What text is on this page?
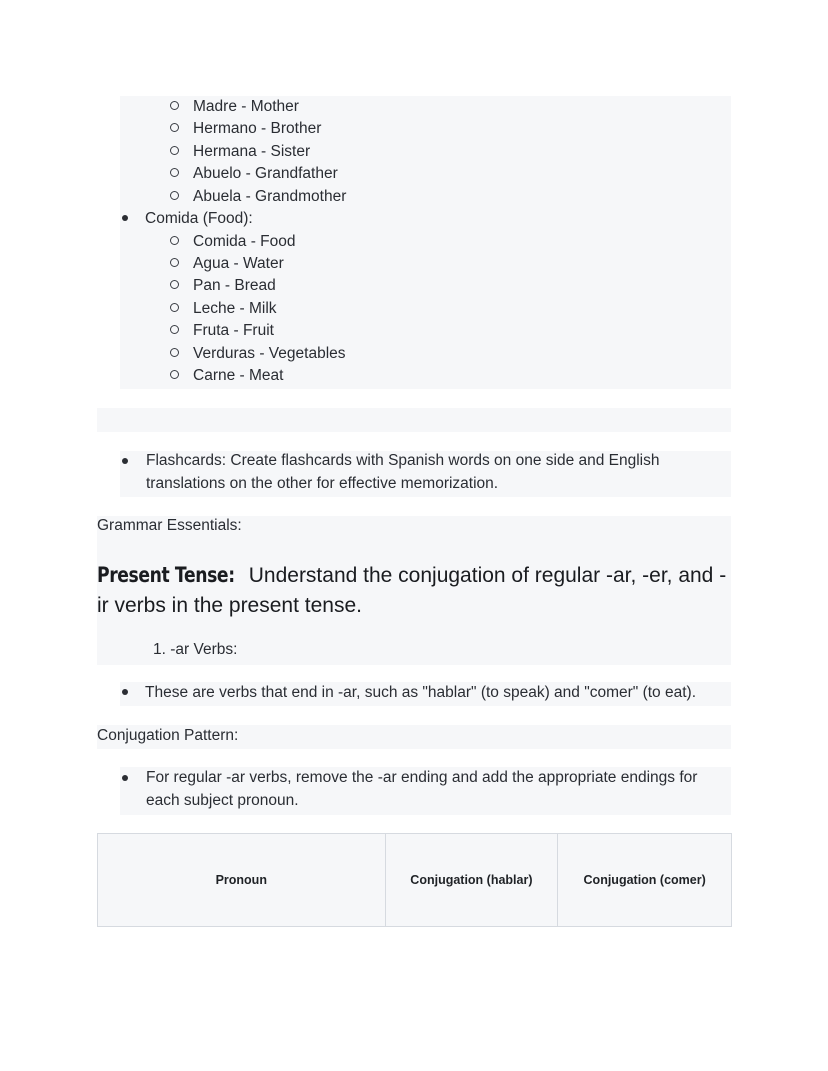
Madre - Mother
Hermano - Brother
Hermana - Sister
Abuelo - Grandfather
Abuela - Grandmother
Comida (Food):
Comida - Food
Agua - Water
Pan - Bread
Leche - Milk
Fruta - Fruit
Verduras - Vegetables
Carne - Meat
Flashcards: Create flashcards with Spanish words on one side and English translations on the other for effective memorization.
Grammar Essentials:
Present Tense: Understand the conjugation of regular -ar, -er, and -ir verbs in the present tense.
1. -ar Verbs:
These are verbs that end in -ar, such as "hablar" (to speak) and "comer" (to eat).
Conjugation Pattern:
For regular -ar verbs, remove the -ar ending and add the appropriate endings for each subject pronoun.
Pronoun	Conjugation (hablar)	Conjugation (comer)
